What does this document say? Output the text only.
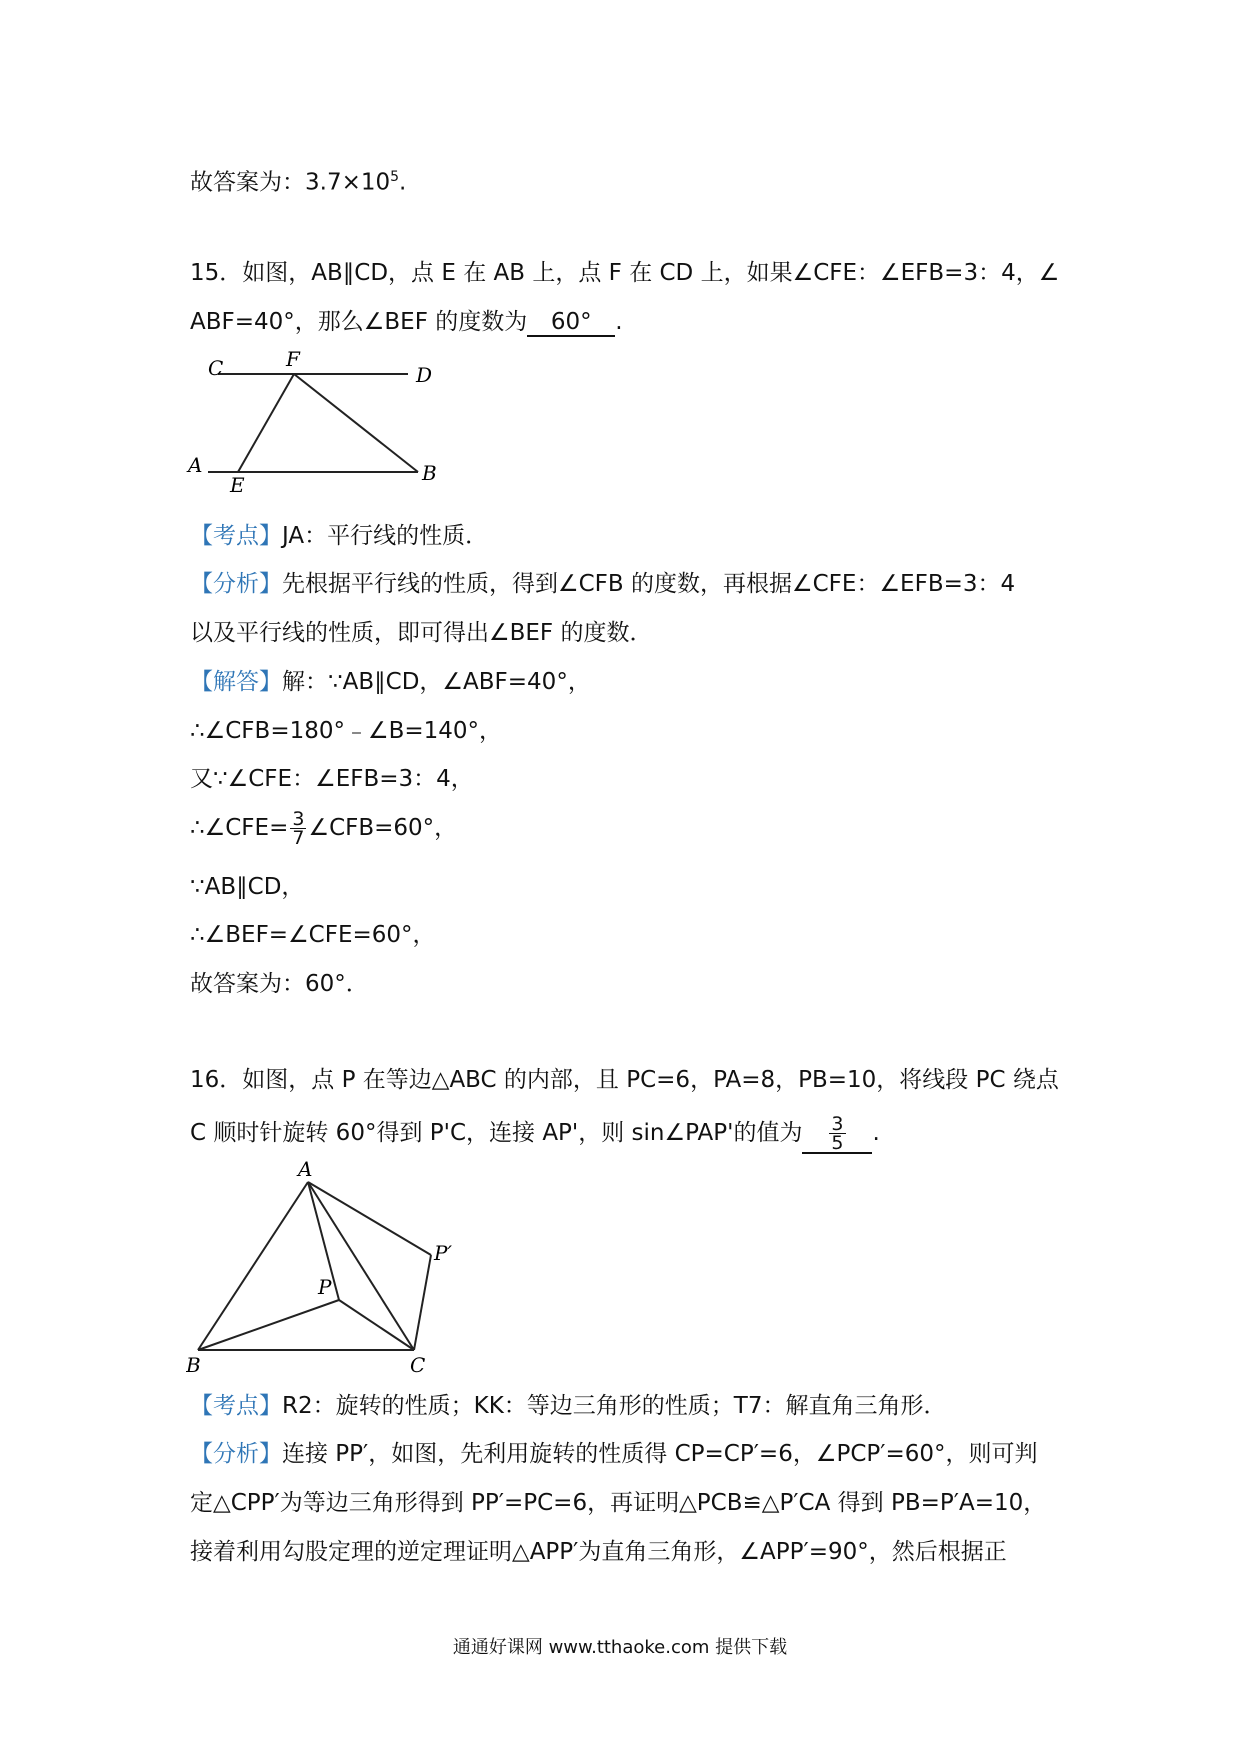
故答案为：$3.7\times 10^5$.
15．如图，AB∥CD，点 E 在 AB 上，点 F 在 CD 上，如果∠CFE：∠EFB=3：4，∠
ABF=40°，那么∠BEF 的度数为 60° .
C	F
D
A
E	B
【考点】JA：平行线的性质．
【分析】先根据平行线的性质，得到∠CFB 的度数，再根据∠CFE：∠EFB=3：4
以及平行线的性质，即可得出∠BEF 的度数．
【解答】解：∵AB∥CD，∠ABF=40°，
∴∠CFB=180°﹣∠B=140°，
又∵∠CFE：∠EFB=3：4，
∴∠CFE= $\frac{3}{7}$ ∠CFB=60°，
∵AB∥CD，
∴∠BEF=∠CFE=60°，
故答案为：60°．
16．如图，点 P 在等边△ABC 的内部，且 PC=6，PA=8，PB=10，将线段 PC 绕点
C 顺时针旋转 60°得到 P'C，连接 AP'，则 sin∠PAP'的值为 $\frac{3}{5}$ .
A
P
P′
B	C
【考点】R2：旋转的性质；KK：等边三角形的性质；T7：解直角三角形．
【分析】连接 PP′，如图，先利用旋转的性质得 CP=CP′=6，∠PCP′=60°，则可判
定△CPP′为等边三角形得到 PP′=PC=6，再证明△PCB≌△P′CA 得到 PB=P′A=10，
接着利用勾股定理的逆定理证明△APP′为直角三角形，∠APP′=90°，然后根据正
通通好课网 www.tthaoke.com 提供下载
